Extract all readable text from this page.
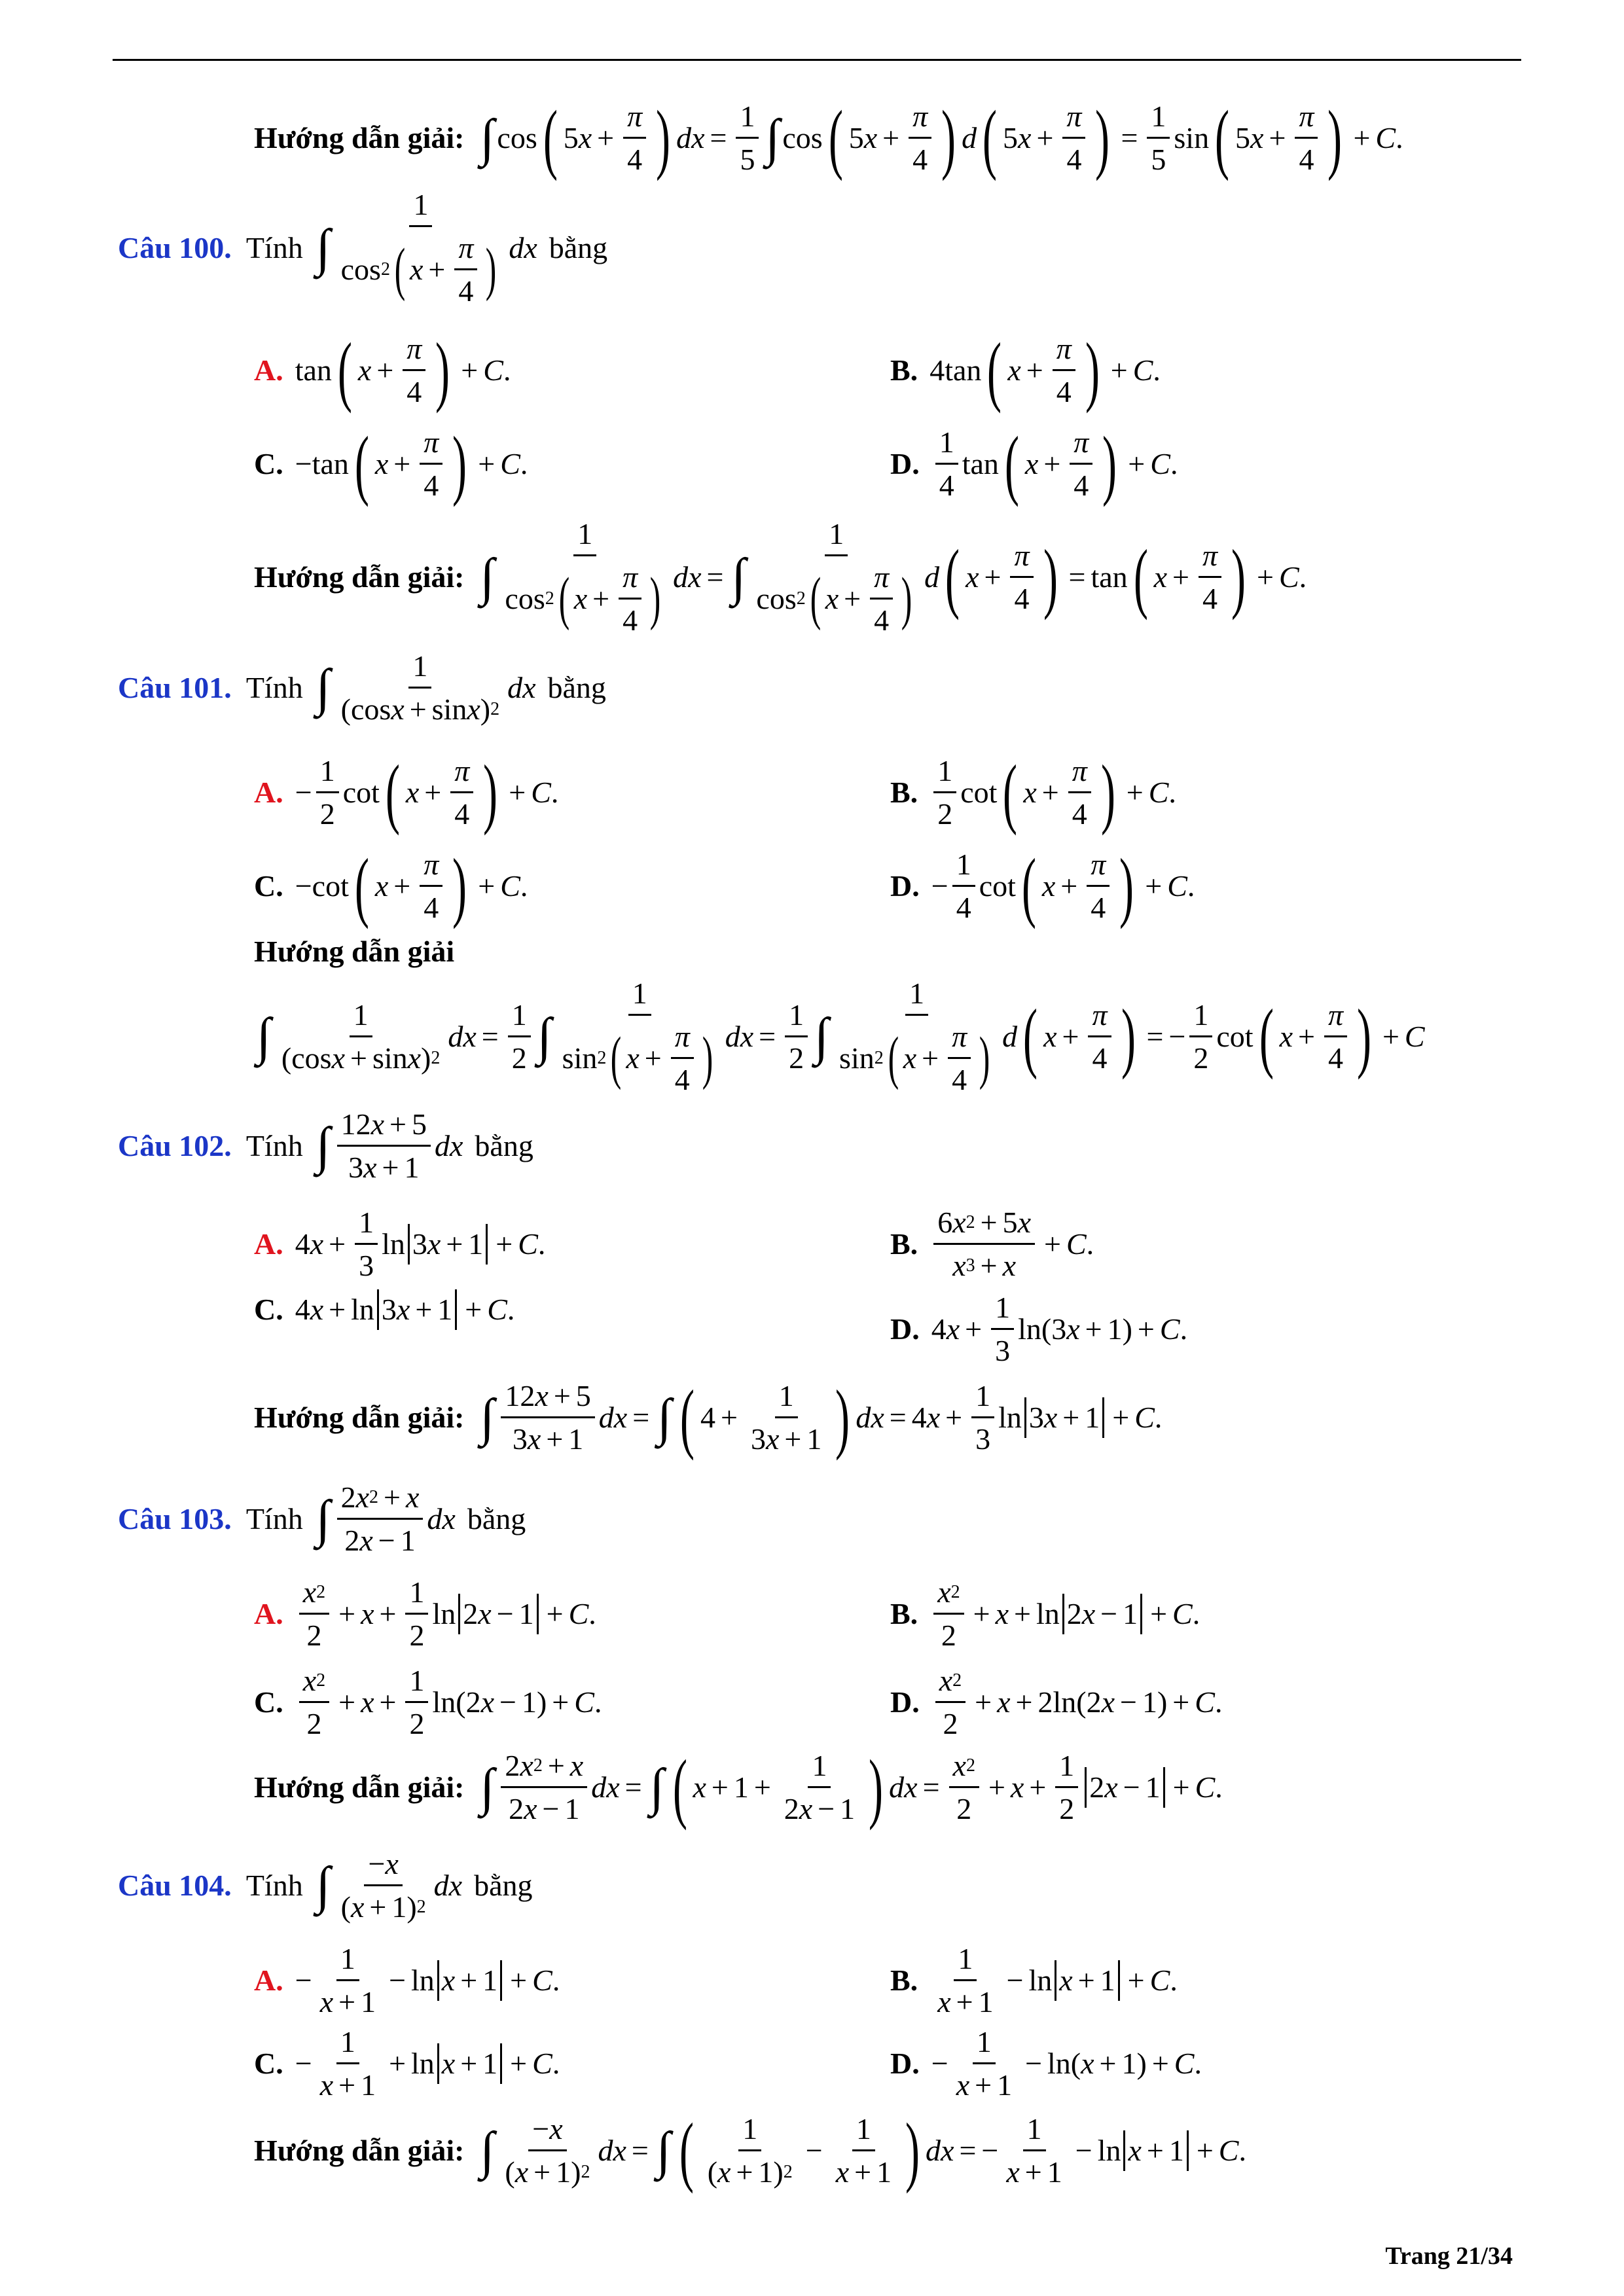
Hướng dẫn giải: ∫ cos ( 5 $x + \frac{\pi}{4}$ ) dx = $\frac{1}{5}$ ∫ cos ( 5 $x + \frac{\pi}{4}$ ) d ( 5 $x + \frac{\pi}{4}$ ) = $\frac{1}{5}$ sin ( 5 $x + \frac{\pi}{4}$ ) + C .
Câu 100. Tính ∫ $\frac{1}{\cos 2 ( x + \frac{\pi}{4} )}$ dx bằng
A. tan ( $x + \frac{\pi}{4}$ ) + C .	B. 4tan ( $x + \frac{\pi}{4}$ ) + C .
C. −tan ( $x + \frac{\pi}{4}$ ) + C .	D. $\frac{1}{4}$ tan ( $x + \frac{\pi}{4}$ ) + C .
Hướng dẫn giải: ∫ $\frac{1}{\cos 2 ( x + \frac{\pi}{4} )}$ dx = ∫ $\frac{1}{\cos 2 ( x + \frac{\pi}{4} )}$ d ( $x + \frac{\pi}{4}$ ) = tan ( $x + \frac{\pi}{4}$ ) + C .
Câu 101. Tính ∫ $\frac{1}{\text{(cos x + sin x ) 2}}$ dx bằng
A. − $\frac{1}{2}$ cot ( $x + \frac{\pi}{4}$ ) + C .	B. $\frac{1}{2}$ cot ( $x + \frac{\pi}{4}$ ) + C .
C. −cot ( $x + \frac{\pi}{4}$ ) + C .	D. − $\frac{1}{4}$ cot ( $x + \frac{\pi}{4}$ ) + C .
Hướng dẫn giải
∫ $\frac{1}{\text{(cos x + sin x ) 2}}$ dx = $\frac{1}{2}$ ∫ $\frac{1}{\sin 2 ( x + \frac{\pi}{4} )}$ dx = $\frac{1}{2}$ ∫ $\frac{1}{\sin 2 ( x + \frac{\pi}{4} )}$ d ( $x + \frac{\pi}{4}$ ) = − $\frac{1}{2}$ cot ( $x + \frac{\pi}{4}$ ) + C
Câu 102. Tính ∫ $\frac{12 x + 5}{3 x + 1}$ dx bằng
A. 4 $x + \frac{1}{3}$ ln 3 x + 1 + C .	B. $\frac{6 x 2 + 5 x}{x 3 + x} + C$ .
C. 4 x + ln 3 x + 1 + C .
D. 4 $x + \frac{1}{3} \ln(3$ x + 1) + C .
Hướng dẫn giải: ∫ $\frac{12 x + 5}{3 x + 1}$ dx = ∫ ( $4 + \frac{1}{3 x + 1}$ ) dx = 4 $x + \frac{1}{3}$ ln 3 x + 1 + C .
Câu 103. Tính ∫ $\frac{2 x 2 + x}{2 x - 1}$ dx bằng
A. $\frac{x 2}{2} + x + \frac{1}{2}$ ln 2 x − 1 + C .	B. $\frac{x 2}{2} + x + \ln 2$ x − 1 + C .
C. $\frac{x 2}{2} + x + \frac{1}{2} \ln(2$ x − 1) + C .	D. $\frac{x 2}{2} + x + 2\ln(2$ x − 1) + C .
Hướng dẫn giải: ∫ $\frac{2 x 2 + x}{2 x - 1}$ dx = ∫ ( $x + 1 + \frac{1}{2 x - 1}$ ) dx = $\frac{x 2}{2} + x + \frac{1}{2} 2$ x − 1 + C .
Câu 104. Tính ∫ $\frac{- x}{( x + 1) 2}$ dx bằng
A. − $\frac{1}{x + 1} - \ln x + 1 + C$ .	B. $\frac{1}{x + 1} - \ln x + 1 + C$ .
C. − $\frac{1}{x + 1} + \ln x + 1 + C$ .	D. − $\frac{1}{x + 1} - \ln$( x + 1) + C .
Hướng dẫn giải: ∫ $\frac{- x}{( x + 1) 2}$ dx = ∫ ( $\frac{1}{( x + 1) 2} - \frac{1}{x + 1}$ ) dx = − $\frac{1}{x + 1} - \ln x + 1 + C$ .
Trang 21/34
